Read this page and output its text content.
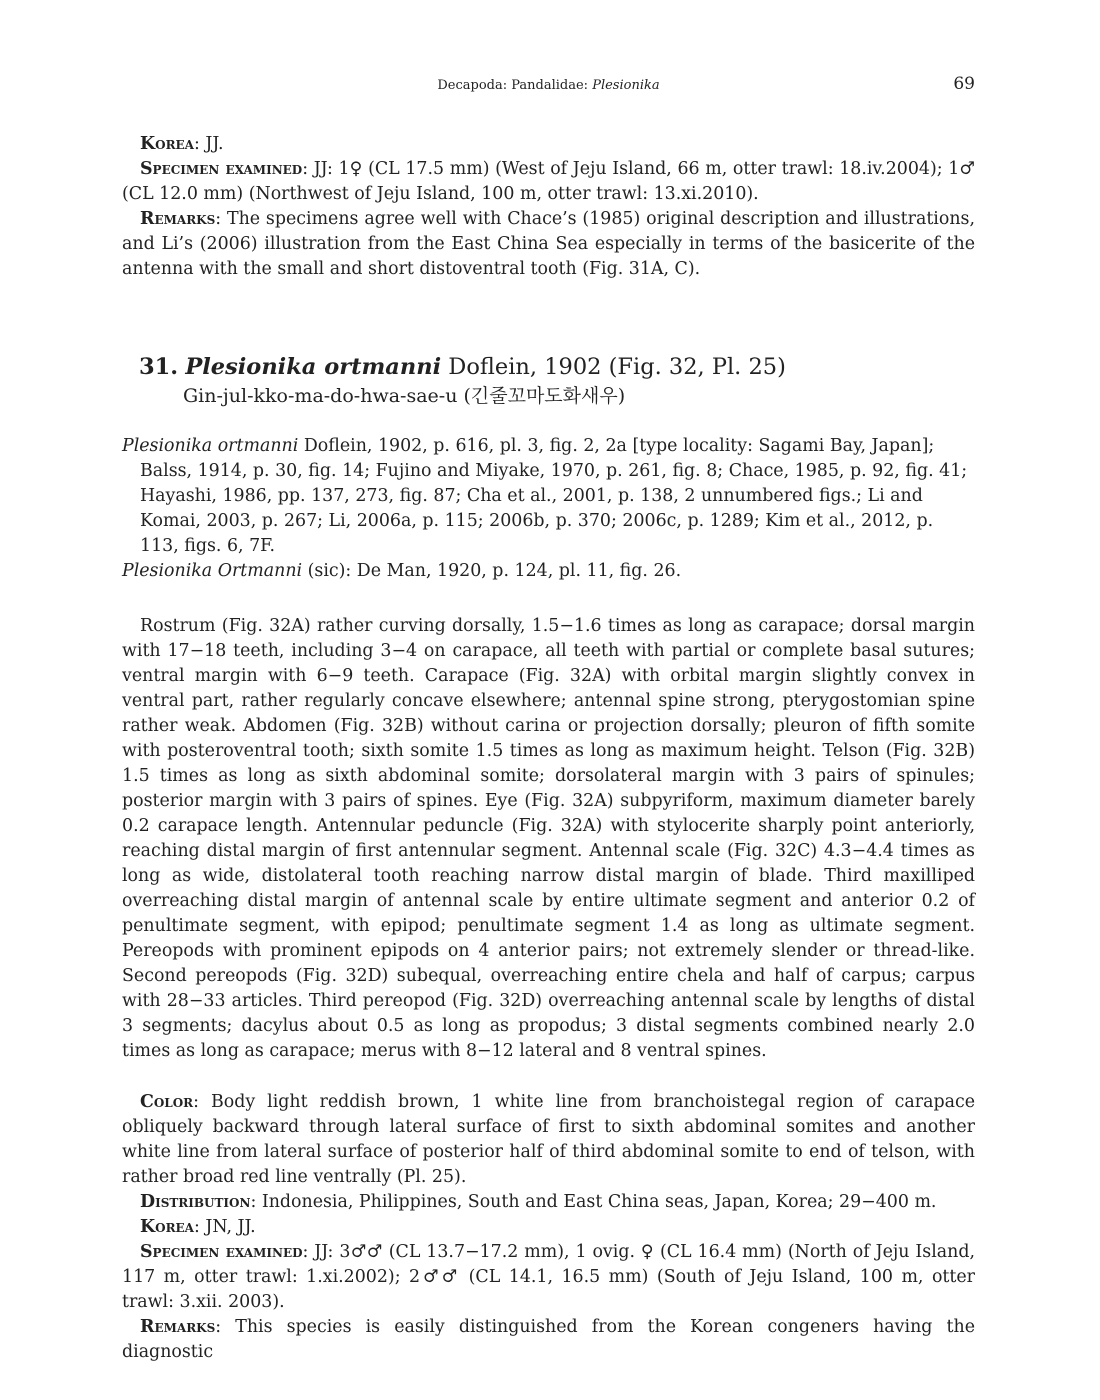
Decapoda: Pandalidae: Plesionika	69

Korea: JJ.

Specimen examined: JJ: 1♀ (CL 17.5 mm) (West of Jeju Island, 66 m, otter trawl: 18.iv.2004); 1♂ (CL 12.0 mm) (Northwest of Jeju Island, 100 m, otter trawl: 13.xi.2010).

Remarks: The specimens agree well with Chace’s (1985) original description and illustrations, and Li’s (2006) illustration from the East China Sea especially in terms of the basicerite of the antenna with the small and short distoventral tooth (Fig. 31A, C).

31. Plesionika ortmanni Doflein, 1902 (Fig. 32, Pl. 25)
Gin-jul-kko-ma-do-hwa-sae-u (긴줄꼬마도화새우)

Plesionika ortmanni Doflein, 1902, p. 616, pl. 3, fig. 2, 2a [type locality: Sagami Bay, Japan]; Balss, 1914, p. 30, fig. 14; Fujino and Miyake, 1970, p. 261, fig. 8; Chace, 1985, p. 92, fig. 41; Hayashi, 1986, pp. 137, 273, fig. 87; Cha et al., 2001, p. 138, 2 unnumbered figs.; Li and Komai, 2003, p. 267; Li, 2006a, p. 115; 2006b, p. 370; 2006c, p. 1289; Kim et al., 2012, p. 113, figs. 6, 7F.

Plesionika Ortmanni (sic): De Man, 1920, p. 124, pl. 11, fig. 26.

Rostrum (Fig. 32A) rather curving dorsally, 1.5−1.6 times as long as carapace; dorsal margin with 17−18 teeth, including 3−4 on carapace, all teeth with partial or complete basal sutures; ventral margin with 6−9 teeth. Carapace (Fig. 32A) with orbital margin slightly convex in ventral part, rather regularly concave elsewhere; antennal spine strong, pterygostomian spine rather weak. Abdomen (Fig. 32B) without carina or projection dorsally; pleuron of fifth somite with posteroventral tooth; sixth somite 1.5 times as long as maximum height. Telson (Fig. 32B) 1.5 times as long as sixth abdominal somite; dorsolateral margin with 3 pairs of spinules; posterior margin with 3 pairs of spines. Eye (Fig. 32A) subpyriform, maximum diameter barely 0.2 carapace length. Antennular peduncle (Fig. 32A) with stylocerite sharply point anteriorly, reaching distal margin of first antennular segment. Antennal scale (Fig. 32C) 4.3−4.4 times as long as wide, distolateral tooth reaching narrow distal margin of blade. Third maxilliped overreaching distal margin of antennal scale by entire ultimate segment and anterior 0.2 of penultimate segment, with epipod; penultimate segment 1.4 as long as ultimate segment. Pereopods with prominent epipods on 4 anterior pairs; not extremely slender or thread-like. Second pereopods (Fig. 32D) subequal, overreaching entire chela and half of carpus; carpus with 28−33 articles. Third pereopod (Fig. 32D) overreaching antennal scale by lengths of distal 3 segments; dacylus about 0.5 as long as propodus; 3 distal segments combined nearly 2.0 times as long as carapace; merus with 8−12 lateral and 8 ventral spines.

Color: Body light reddish brown, 1 white line from branchoistegal region of carapace obliquely backward through lateral surface of first to sixth abdominal somites and another white line from lateral surface of posterior half of third abdominal somite to end of telson, with rather broad red line ventrally (Pl. 25).

Distribution: Indonesia, Philippines, South and East China seas, Japan, Korea; 29−400 m.

Korea: JN, JJ.

Specimen examined: JJ: 3♂♂ (CL 13.7−17.2 mm), 1 ovig. ♀ (CL 16.4 mm) (North of Jeju Island, 117 m, otter trawl: 1.xi.2002); 2♂♂ (CL 14.1, 16.5 mm) (South of Jeju Island, 100 m, otter trawl: 3.xii. 2003).

Remarks: This species is easily distinguished from the Korean congeners having the diagnostic
